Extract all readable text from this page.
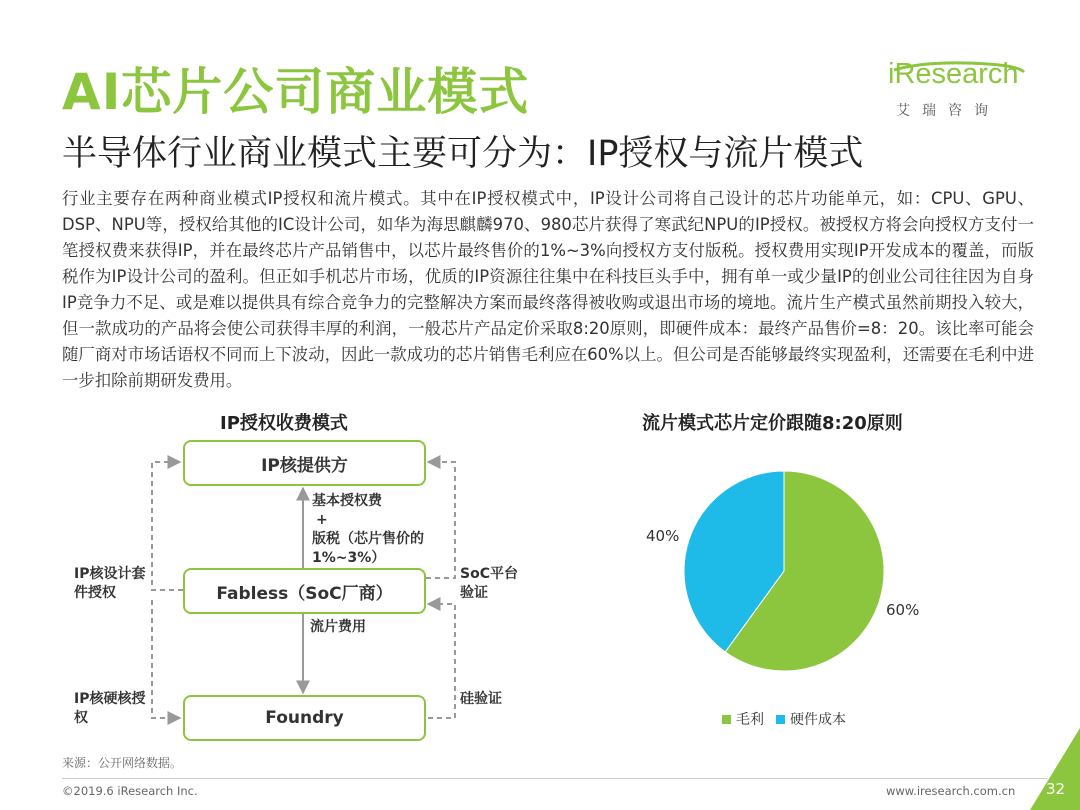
AI芯片公司商业模式
半导体行业商业模式主要可分为：IP授权与流片模式
iResearch
艾瑞咨询

行业主要存在两种商业模式IP授权和流片模式。其中在IP授权模式中，IP设计公司将自己设计的芯片功能单元，如：CPU、GPU、DSP、NPU等，授权给其他的IC设计公司，如华为海思麒麟970、980芯片获得了寒武纪NPU的IP授权。被授权方将会向授权方支付一笔授权费来获得IP，并在最终芯片产品销售中，以芯片最终售价的1%~3%向授权方支付版税。授权费用实现IP开发成本的覆盖，而版税作为IP设计公司的盈利。但正如手机芯片市场，优质的IP资源往往集中在科技巨头手中，拥有单一或少量IP的创业公司往往因为自身IP竞争力不足、或是难以提供具有综合竞争力的完整解决方案而最终落得被收购或退出市场的境地。流片生产模式虽然前期投入较大，但一款成功的产品将会使公司获得丰厚的利润，一般芯片产品定价采取8:20原则，即硬件成本：最终产品售价=8：20。该比率可能会随厂商对市场话语权不同而上下波动，因此一款成功的芯片销售毛利应在60%以上。但公司是否能够最终实现盈利，还需要在毛利中进一步扣除前期研发费用。

IP授权收费模式
IP核提供方
Fabless（SoC厂商）
Foundry
基本授权费
+
版税（芯片售价的
1%~3%）
流片费用
IP核设计套件授权
IP核硬核授权
SoC平台验证
硅验证
流片模式芯片定价跟随8:20原则
40%
60%
毛利 硬件成本
来源：公开网络数据。
©2019.6 iResearch Inc.	www.iresearch.com.cn 32
